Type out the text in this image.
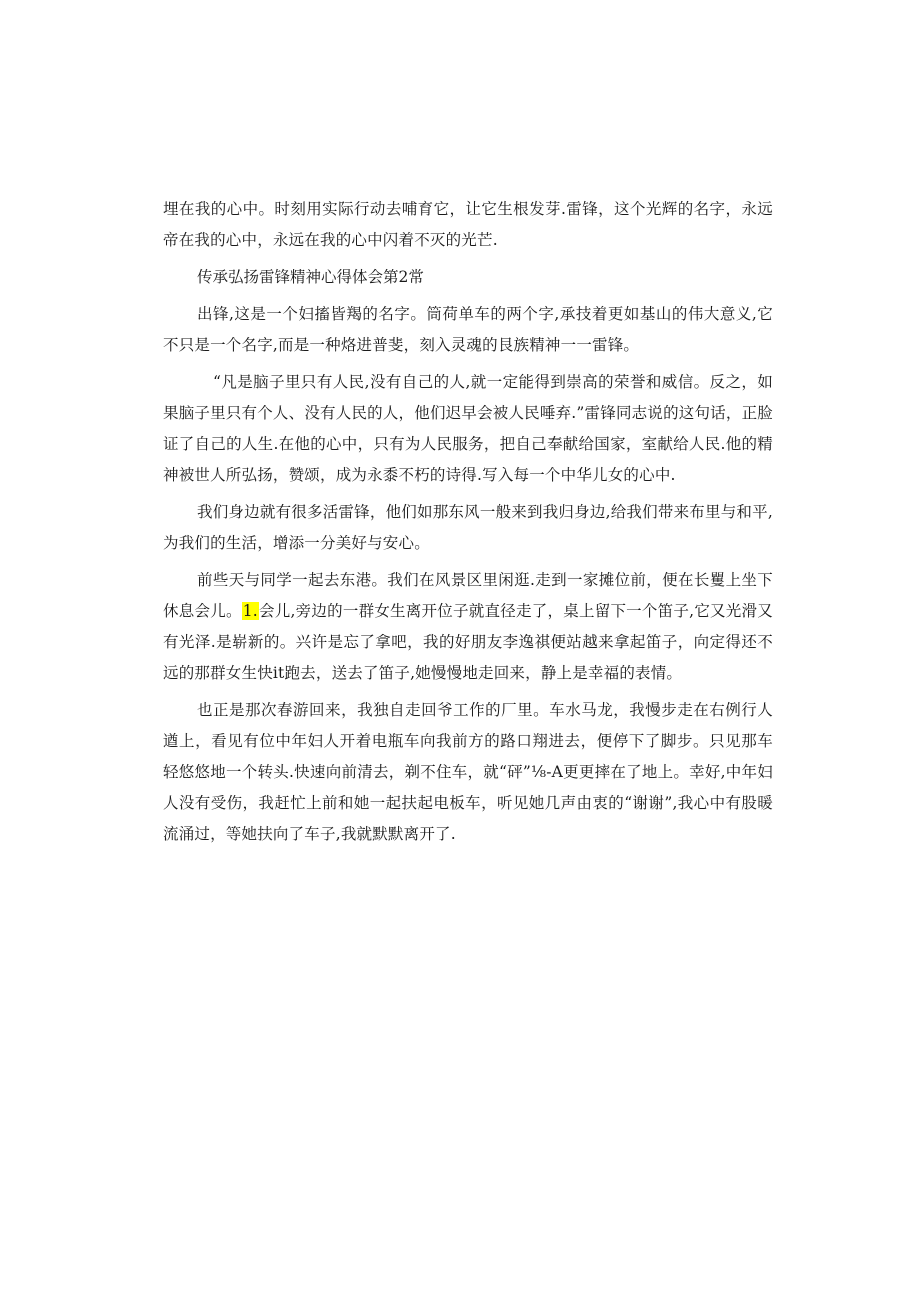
埋在我的心中。时刻用实际行动去哺育它，让它生根发芽.雷锋，这个光辉的名字，永远帝在我的心中，永远在我的心中闪着不灭的光芒.

传承弘扬雷锋精神心得体会第2常

出锋,这是一个妇搐皆羯的名字。筒荷单车的两个字,承技着更如基山的伟大意义,它不只是一个名字,而是一种烙进普斐，刻入灵魂的艮族精神一一雷锋。

“凡是脑子里只有人民,没有自己的人,就一定能得到崇高的荣誉和威信。反之，如果脑子里只有个人、没有人民的人，他们迟早会被人民唾弃.”雷锋同志说的这句话，正脸证了自己的人生.在他的心中，只有为人民服务，把自己奉献给国家，室献给人民.他的精神被世人所弘扬，赞颂，成为永黍不朽的诗得.写入每一个中华儿女的心中.

我们身边就有很多活雷锋，他们如那东风一般来到我归身边,给我们带来布里与和平,为我们的生活，增添一分美好与安心。

前些天与同学一起去东港。我们在风景区里闲逛.走到一家摊位前，便在长矍上坐下休息会儿。1.会儿,旁边的一群女生离开位子就直径走了，桌上留下一个笛子,它又光滑又有光泽.是崭新的。兴许是忘了拿吧，我的好朋友李逸祺便站越来拿起笛子，向定得还不远的那群女生快it跑去，送去了笛子,她慢慢地走回来，静上是幸福的表情。

也正是那次春游回来，我独自走回爷工作的厂里。车水马龙，我慢步走在右例行人遒上，看见有位中年妇人开着电瓶车向我前方的路口翔进去，便停下了脚步。只见那车轻悠悠地一个转头.快速向前清去，剃不住车，就“砰”⅛-A更更摔在了地上。幸好,中年妇人没有受伤，我赶忙上前和她一起扶起电板车，听见她几声由衷的“谢谢”,我心中有股暖流涌过，等她扶向了车子,我就默默离开了.
